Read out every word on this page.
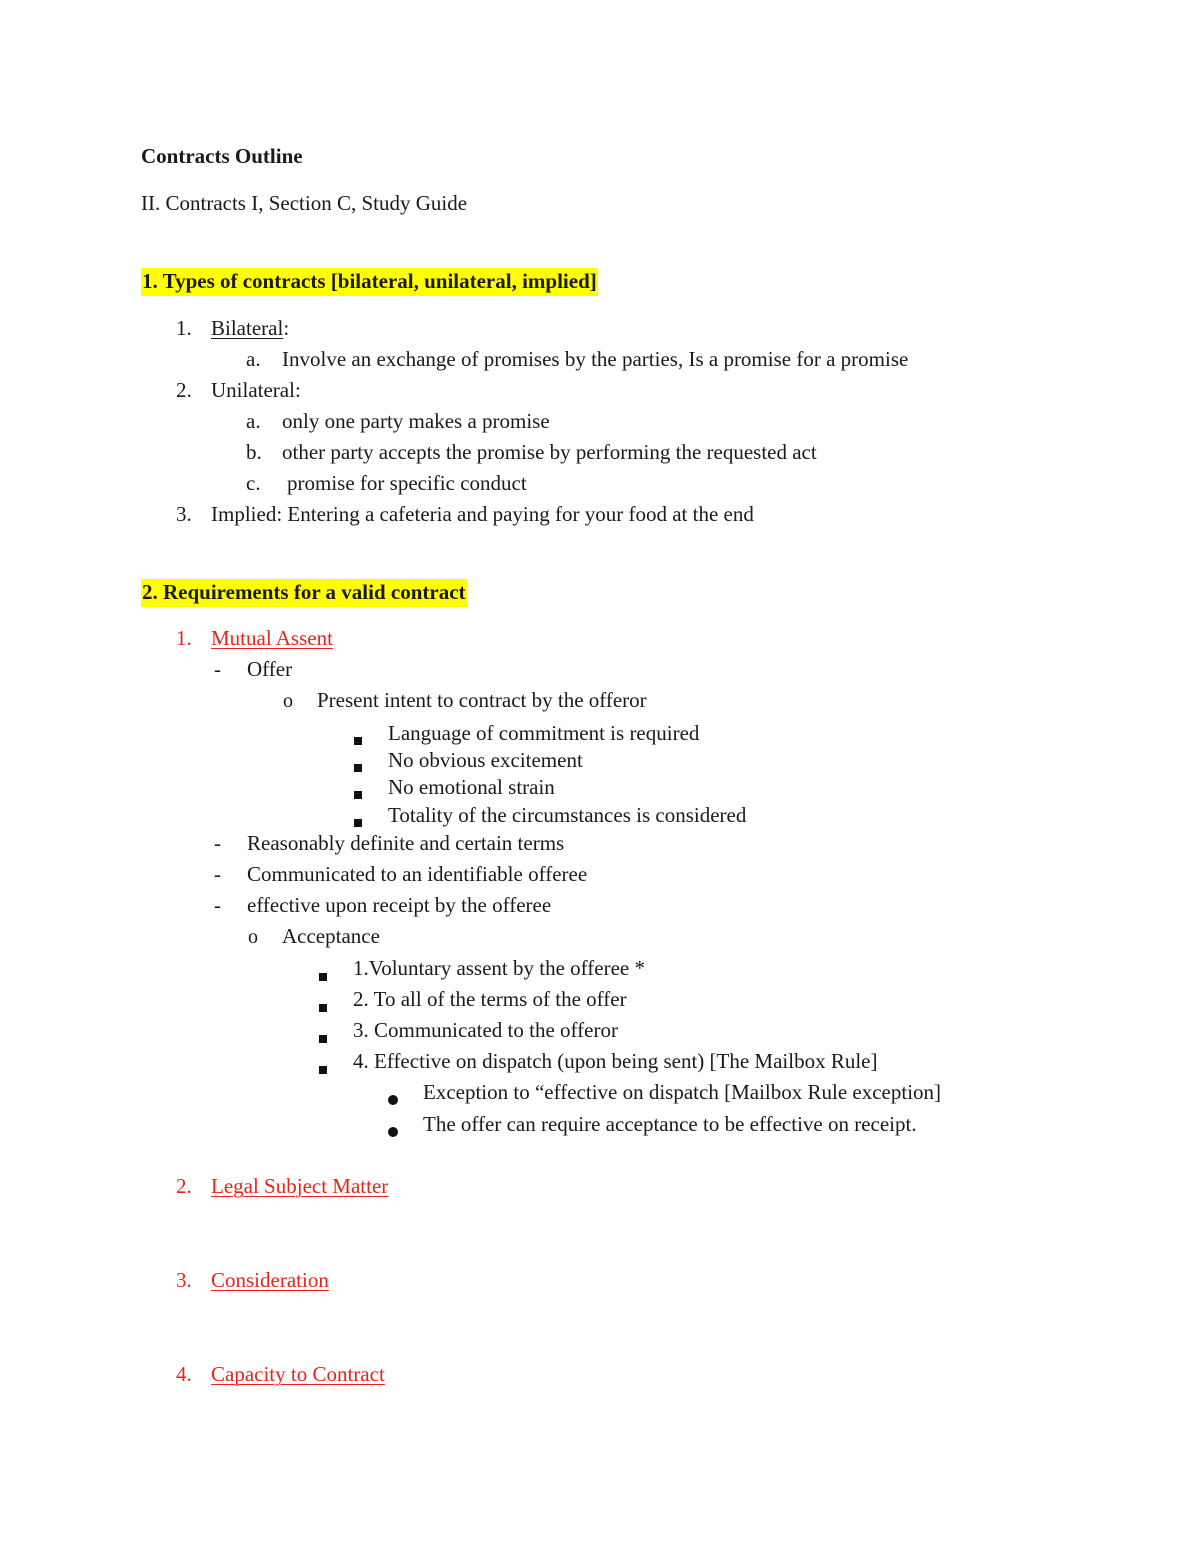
Contracts Outline
II. Contracts I, Section C, Study Guide
1. Types of contracts [bilateral, unilateral, implied]
1. Bilateral:
a. Involve an exchange of promises by the parties, Is a promise for a promise
2. Unilateral:
a. only one party makes a promise
b. other party accepts the promise by performing the requested act
c. promise for specific conduct
3. Implied: Entering a cafeteria and paying for your food at the end
2. Requirements for a valid contract
1. Mutual Assent
- Offer
o Present intent to contract by the offeror
Language of commitment is required
No obvious excitement
No emotional strain
Totality of the circumstances is considered
- Reasonably definite and certain terms
- Communicated to an identifiable offeree
- effective upon receipt by the offeree
o Acceptance
1.Voluntary assent by the offeree *
2. To all of the terms of the offer
3. Communicated to the offeror
4. Effective on dispatch (upon being sent) [The Mailbox Rule]
Exception to “effective on dispatch [Mailbox Rule exception]
The offer can require acceptance to be effective on receipt.
2. Legal Subject Matter
3. Consideration
4. Capacity to Contract
